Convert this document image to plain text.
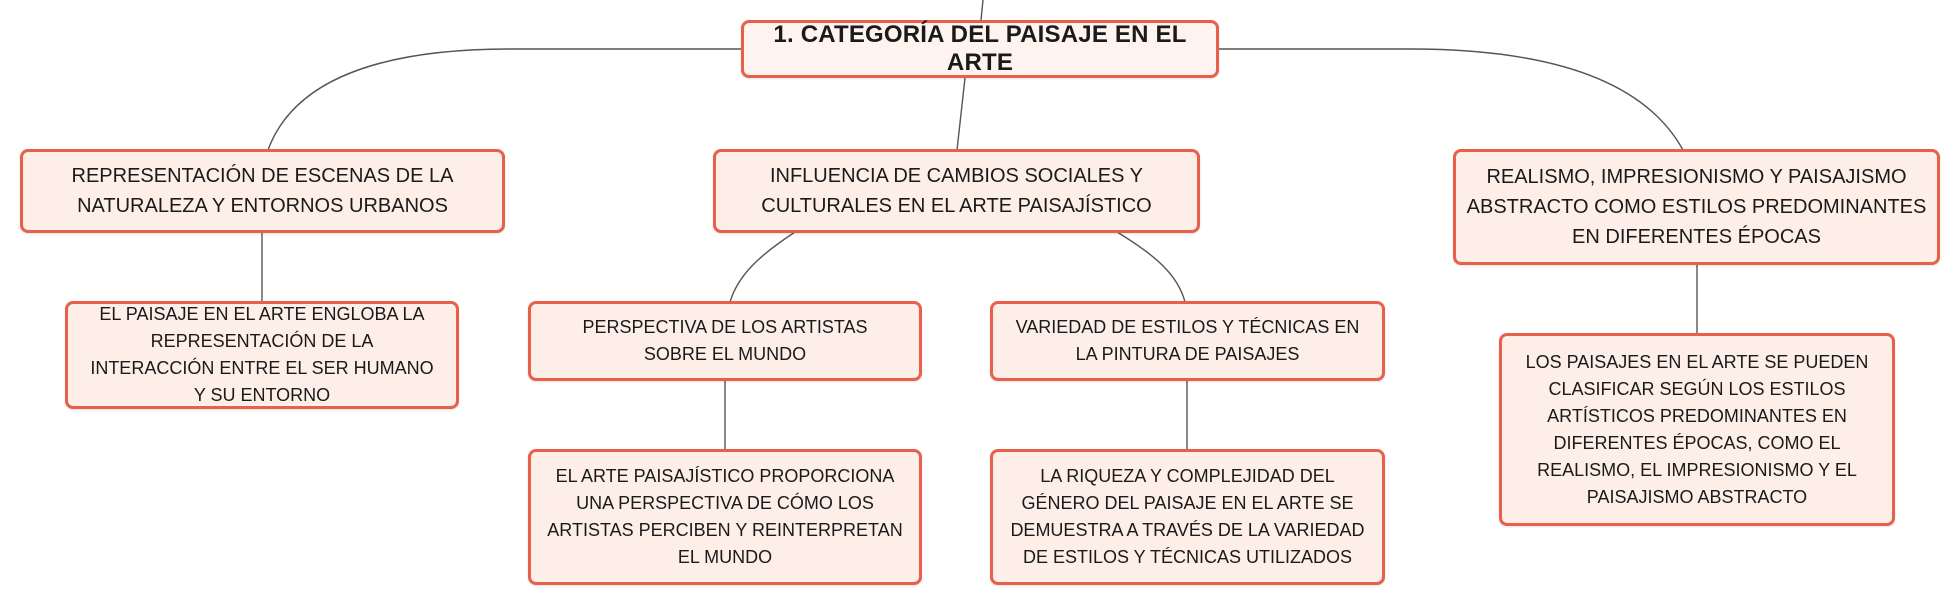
1. CATEGORÍA DEL PAISAJE EN EL ARTE
REPRESENTACIÓN DE ESCENAS DE LA NATURALEZA Y ENTORNOS URBANOS
EL PAISAJE EN EL ARTE ENGLOBA LA REPRESENTACIÓN DE LA INTERACCIÓN ENTRE EL SER HUMANO Y SU ENTORNO
INFLUENCIA DE CAMBIOS SOCIALES Y CULTURALES EN EL ARTE PAISAJÍSTICO
PERSPECTIVA DE LOS ARTISTAS SOBRE EL MUNDO
EL ARTE PAISAJÍSTICO PROPORCIONA UNA PERSPECTIVA DE CÓMO LOS ARTISTAS PERCIBEN Y REINTERPRETAN EL MUNDO
VARIEDAD DE ESTILOS Y TÉCNICAS EN LA PINTURA DE PAISAJES
LA RIQUEZA Y COMPLEJIDAD DEL GÉNERO DEL PAISAJE EN EL ARTE SE DEMUESTRA A TRAVÉS DE LA VARIEDAD DE ESTILOS Y TÉCNICAS UTILIZADOS
REALISMO, IMPRESIONISMO Y PAISAJISMO ABSTRACTO COMO ESTILOS PREDOMINANTES EN DIFERENTES ÉPOCAS
LOS PAISAJES EN EL ARTE SE PUEDEN CLASIFICAR SEGÚN LOS ESTILOS ARTÍSTICOS PREDOMINANTES EN DIFERENTES ÉPOCAS, COMO EL REALISMO, EL IMPRESIONISMO Y EL PAISAJISMO ABSTRACTO
